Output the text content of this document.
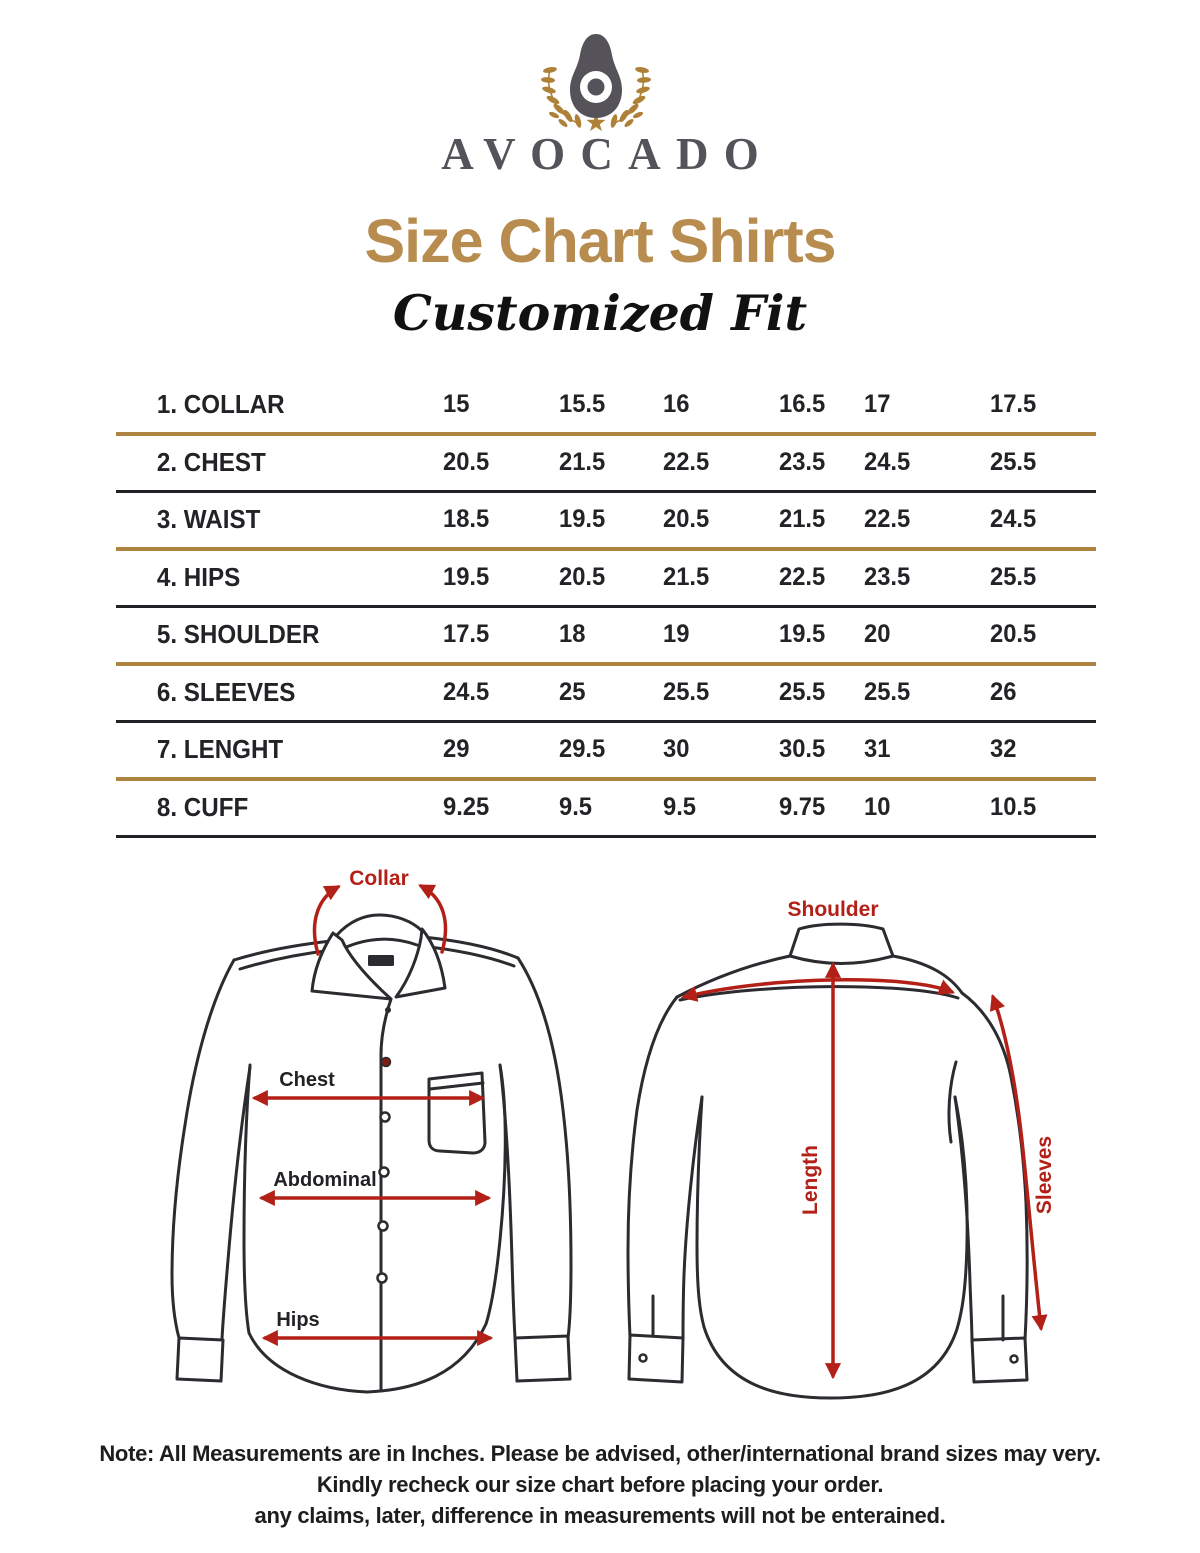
AVOCADO
Size Chart Shirts
Customized Fit
1. COLLAR	15	15.5	16	16.5	17	17.5
2. CHEST	20.5	21.5	22.5	23.5	24.5	25.5
3. WAIST	18.5	19.5	20.5	21.5	22.5	24.5
4. HIPS	19.5	20.5	21.5	22.5	23.5	25.5
5. SHOULDER	17.5	18	19	19.5	20	20.5
6. SLEEVES	24.5	25	25.5	25.5	25.5	26
7. LENGHT	29	29.5	30	30.5	31	32
8. CUFF	9.25	9.5	9.5	9.75	10	10.5
Collar
Chest
Abdominal
Hips
Shoulder
Length	Sleeves
Note: All Measurements are in Inches. Please be advised, other/international brand sizes may very.
Kindly recheck our size chart before placing your order.
any claims, later, difference in measurements will not be enterained.
